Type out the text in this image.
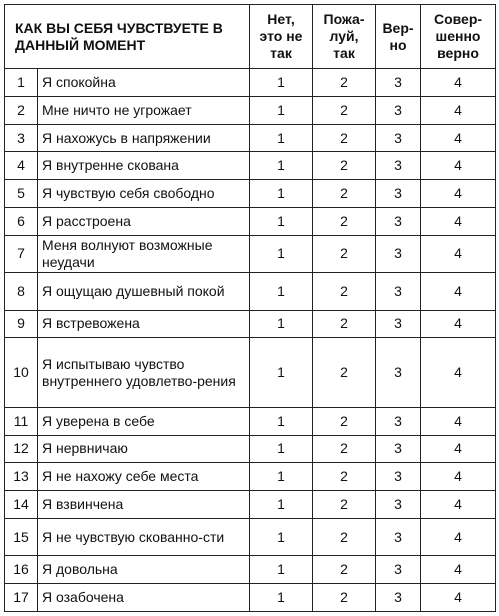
КАК ВЫ СЕБЯ ЧУВСТВУЕТЕ В ДАННЫЙ МОМЕНТ		Нет, это не так	Пожа-луй, так	Вер-но	Совер-шенно верно
1	Я спокойна	1	2	3	4
2	Мне ничто не угрожает	1	2	3	4
3	Я нахожусь в напряжении	1	2	3	4
4	Я внутренне скована	1	2	3	4
5	Я чувствую себя свободно	1	2	3	4
6	Я расстроена	1	2	3	4
7	Меня волнуют возможные неудачи	1	2	3	4
8	Я ощущаю душевный покой	1	2	3	4
9	Я встревожена	1	2	3	4
10	Я испытываю чувство внутреннего удовлетво-рения	1	2	3	4
11	Я уверена в себе	1	2	3	4
12	Я нервничаю	1	2	3	4
13	Я не нахожу себе места	1	2	3	4
14	Я взвинчена	1	2	3	4
15	Я не чувствую скованно-сти	1	2	3	4
16	Я довольна	1	2	3	4
17	Я озабочена	1	2	3	4
